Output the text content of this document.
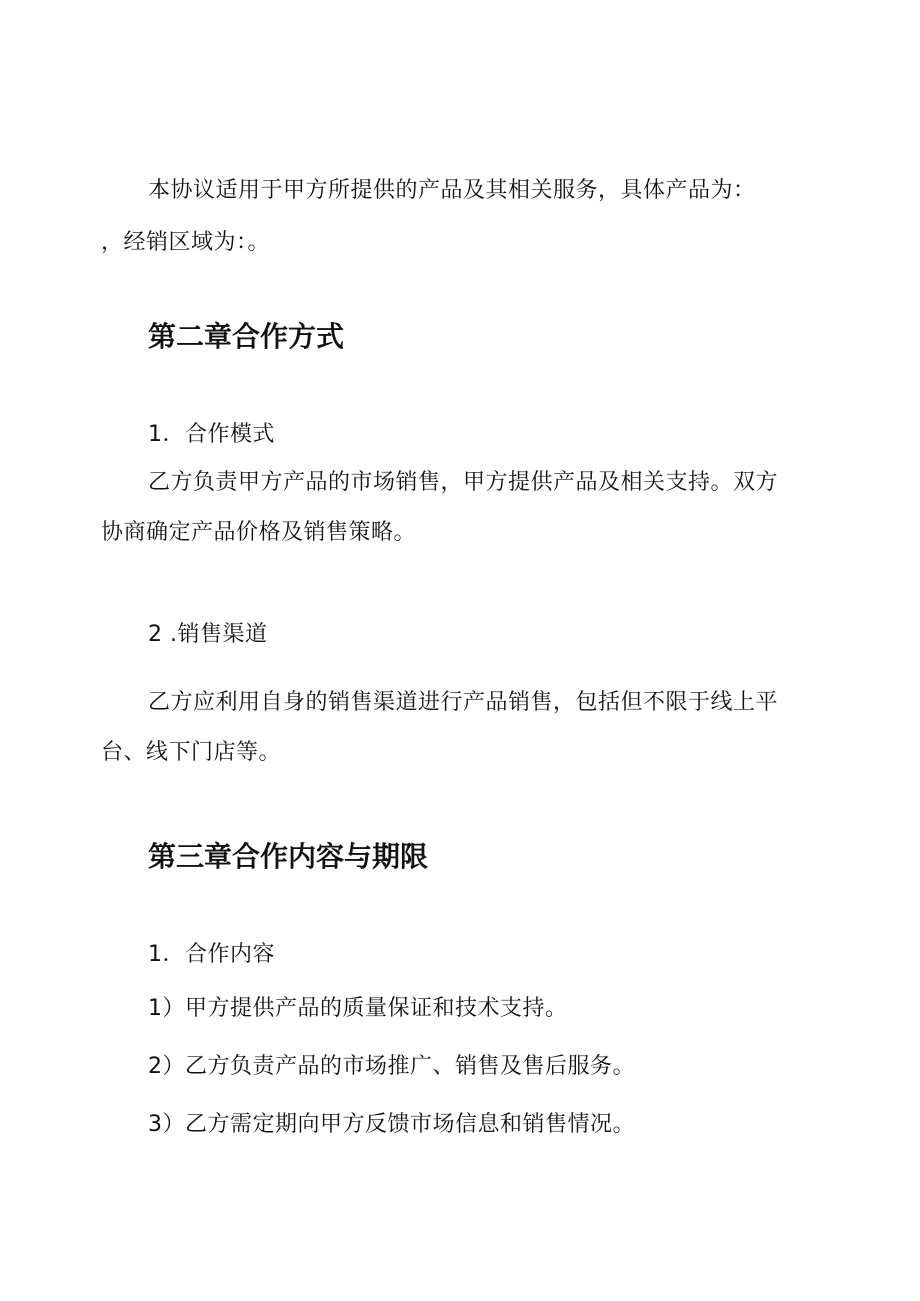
本协议适用于甲方所提供的产品及其相关服务，具体产品为：
，经销区域为：。
第二章合作方式
1．合作模式
乙方负责甲方产品的市场销售，甲方提供产品及相关支持。双方
协商确定产品价格及销售策略。
2 .销售渠道
乙方应利用自身的销售渠道进行产品销售，包括但不限于线上平
台、线下门店等。
第三章合作内容与期限
1．合作内容
1）甲方提供产品的质量保证和技术支持。
2）乙方负责产品的市场推广、销售及售后服务。
3）乙方需定期向甲方反馈市场信息和销售情况。
